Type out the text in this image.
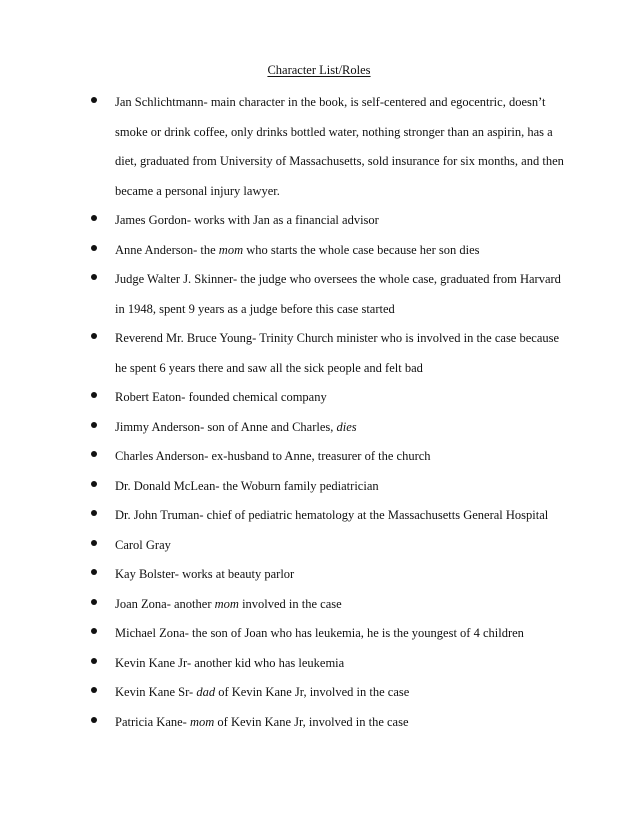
Character List/Roles
Jan Schlichtmann- main character in the book, is self-centered and egocentric, doesn’t
smoke or drink coffee, only drinks bottled water, nothing stronger than an aspirin, has a
diet, graduated from University of Massachusetts, sold insurance for six months, and then
became a personal injury lawyer.
James Gordon- works with Jan as a financial advisor
Anne Anderson- the mom who starts the whole case because her son dies
Judge Walter J. Skinner- the judge who oversees the whole case, graduated from Harvard
in 1948, spent 9 years as a judge before this case started
Reverend Mr. Bruce Young- Trinity Church minister who is involved in the case because
he spent 6 years there and saw all the sick people and felt bad
Robert Eaton- founded chemical company
Jimmy Anderson- son of Anne and Charles, dies
Charles Anderson- ex-husband to Anne, treasurer of the church
Dr. Donald McLean- the Woburn family pediatrician
Dr. John Truman- chief of pediatric hematology at the Massachusetts General Hospital
Carol Gray
Kay Bolster- works at beauty parlor
Joan Zona- another mom involved in the case
Michael Zona- the son of Joan who has leukemia, he is the youngest of 4 children
Kevin Kane Jr- another kid who has leukemia
Kevin Kane Sr- dad of Kevin Kane Jr, involved in the case
Patricia Kane- mom of Kevin Kane Jr, involved in the case
